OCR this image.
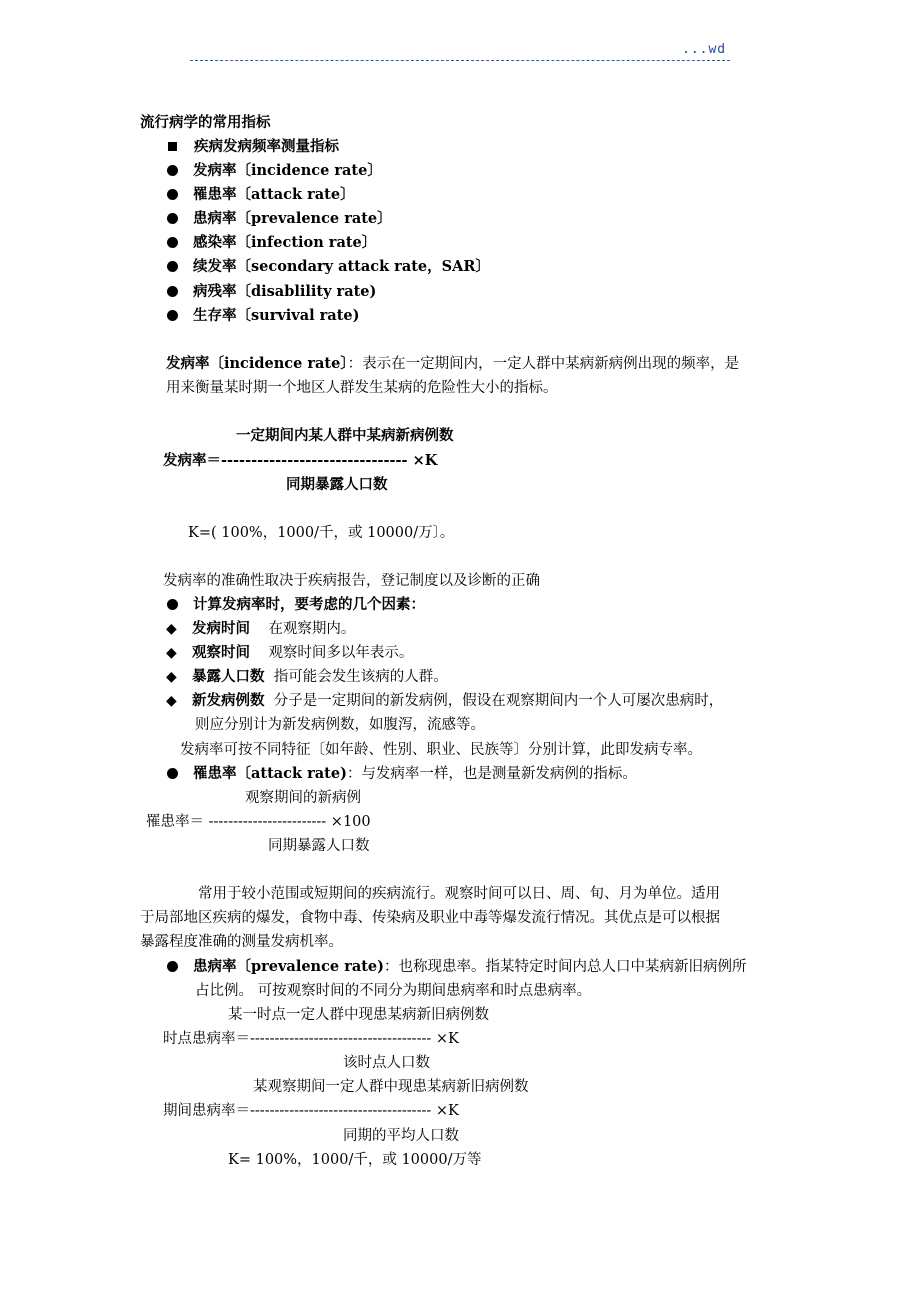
...wd
流行病学的常用指标
疾病发病频率测量指标
发病率〔incidence rate〕
罹患率〔attack rate〕
患病率〔prevalence rate〕
感染率〔infection rate〕
续发率〔secondary attack rate，SAR〕
病残率〔disablility rate)
生存率〔survival rate)
发病率〔incidence rate〕：表示在一定期间内，一定人群中某病新病例出现的频率，是
用来衡量某时期一个地区人群发生某病的危险性大小的指标。
一定期间内某人群中某病新病例数
发病率＝------------------------------- ×K
同期暴露人口数
K=( 100%，1000/千，或 10000/万〕。
发病率的准确性取决于疾病报告，登记制度以及诊断的正确
计算发病率时，要考虑的几个因素：
◆ 发病时间 在观察期内。
◆ 观察时间 观察时间多以年表示。
◆ 暴露人口数 指可能会发生该病的人群。
◆ 新发病例数 分子是一定期间的新发病例，假设在观察期间内一个人可屡次患病时，
则应分别计为新发病例数，如腹泻，流感等。
发病率可按不同特征〔如年龄、性别、职业、民族等〕分别计算，此即发病专率。
罹患率〔attack rate)：与发病率一样，也是测量新发病例的指标。
观察期间的新病例
罹患率＝ ------------------------ ×100
同期暴露人口数
常用于较小范围或短期间的疾病流行。观察时间可以日、周、旬、月为单位。适用
于局部地区疾病的爆发，食物中毒、传染病及职业中毒等爆发流行情况。其优点是可以根据
暴露程度准确的测量发病机率。
患病率〔prevalence rate)：也称现患率。指某特定时间内总人口中某病新旧病例所
占比例。 可按观察时间的不同分为期间患病率和时点患病率。
某一时点一定人群中现患某病新旧病例数
时点患病率＝------------------------------------- ×K
该时点人口数
某观察期间一定人群中现患某病新旧病例数
期间患病率＝------------------------------------- ×K
同期的平均人口数
K= 100%，1000/千，或 10000/万等
